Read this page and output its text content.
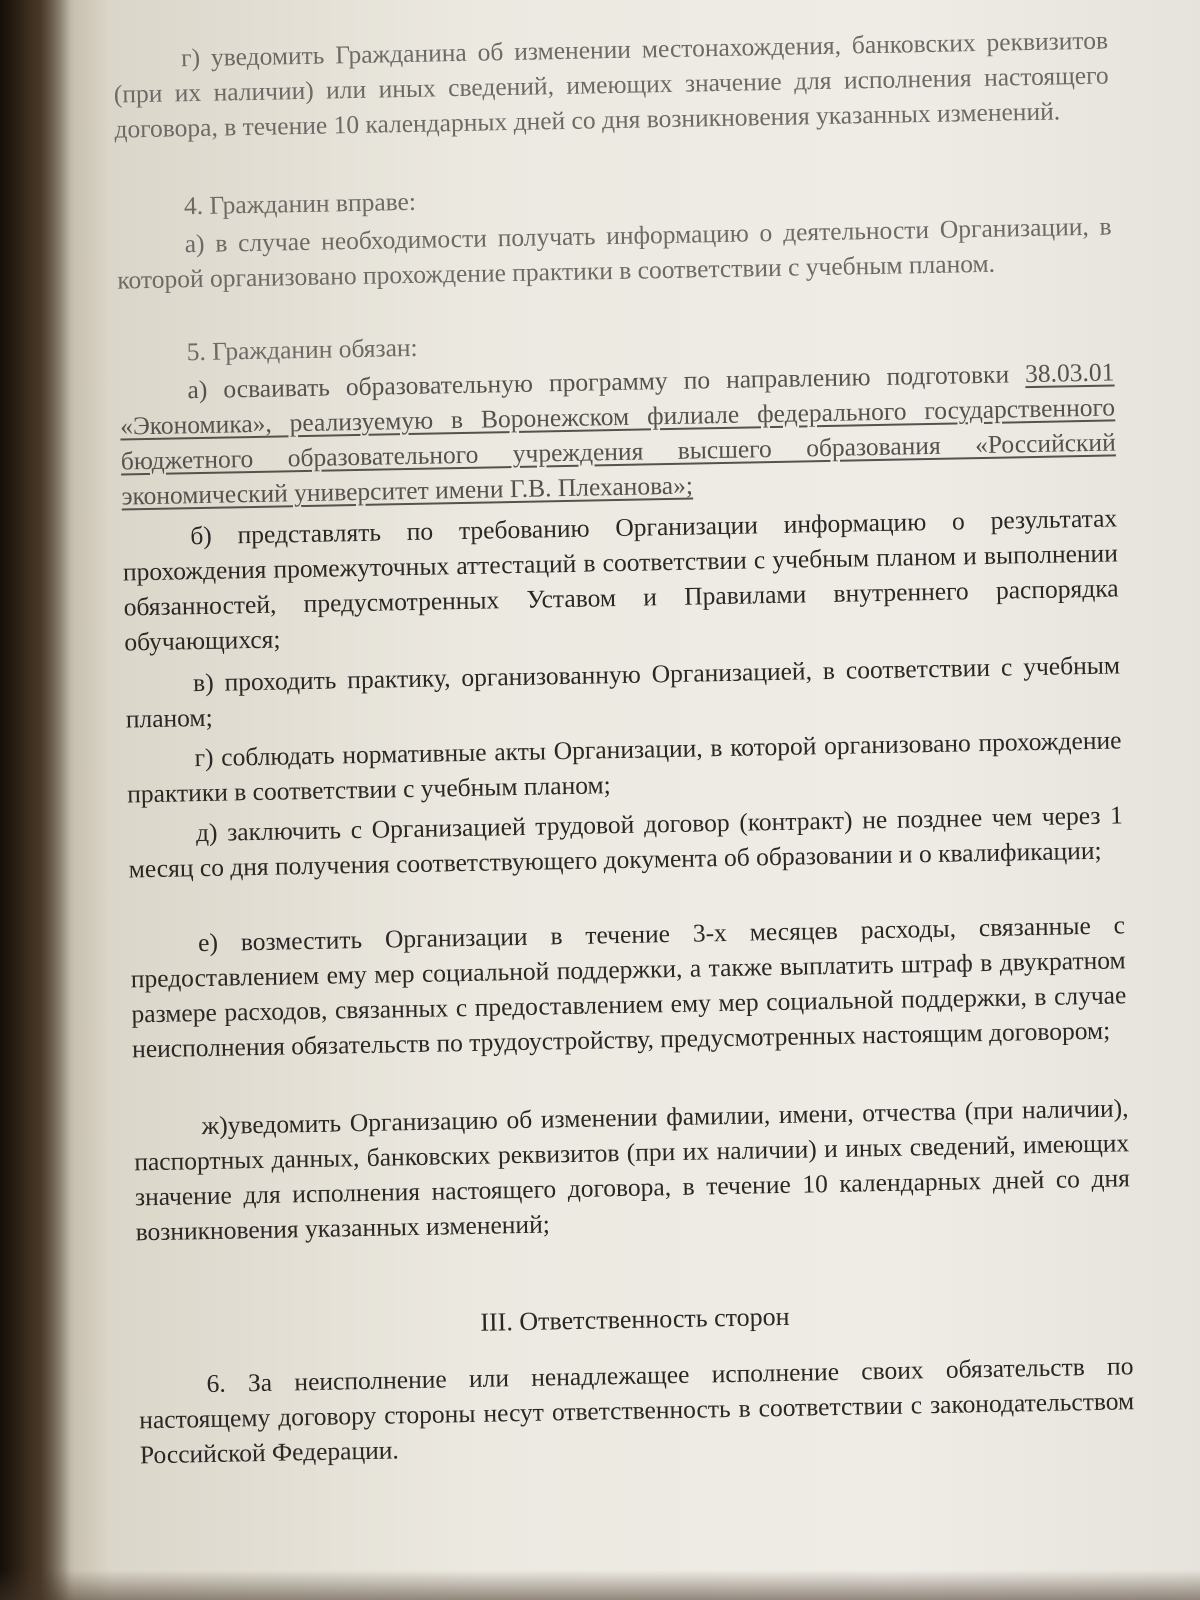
г) уведомить Гражданина об изменении местонахождения, банковских реквизитов (при их наличии) или иных сведений, имеющих значение для исполнения настоящего договора, в течение 10 календарных дней со дня возникновения указанных изменений.

4. Гражданин вправе:

а) в случае необходимости получать информацию о деятельности Организации, в которой организовано прохождение практики в соответствии с учебным планом.

5. Гражданин обязан:

а) осваивать образовательную программу по направлению подготовки 38.03.01 «Экономика», реализуемую в Воронежском филиале федерального государственного бюджетного образовательного учреждения высшего образования «Российский экономический университет имени Г.В. Плеханова»;

б) представлять по требованию Организации информацию о результатах прохождения промежуточных аттестаций в соответствии с учебным планом и выполнении обязанностей, предусмотренных Уставом и Правилами внутреннего распорядка обучающихся;

в) проходить практику, организованную Организацией, в соответствии с учебным планом;

г) соблюдать нормативные акты Организации, в которой организовано прохождение практики в соответствии с учебным планом;

д) заключить с Организацией трудовой договор (контракт) не позднее чем через 1 месяц со дня получения соответствующего документа об образовании и о квалификации;

е) возместить Организации в течение 3-х месяцев расходы, связанные с предоставлением ему мер социальной поддержки, а также выплатить штраф в двукратном размере расходов, связанных с предоставлением ему мер социальной поддержки, в случае неисполнения обязательств по трудоустройству, предусмотренных настоящим договором;

ж)уведомить Организацию об изменении фамилии, имени, отчества (при наличии), паспортных данных, банковских реквизитов (при их наличии) и иных сведений, имеющих значение для исполнения настоящего договора, в течение 10 календарных дней со дня возникновения указанных изменений;

III. Ответственность сторон

6. За неисполнение или ненадлежащее исполнение своих обязательств по настоящему договору стороны несут ответственность в соответствии с законодательством Российской Федерации.
